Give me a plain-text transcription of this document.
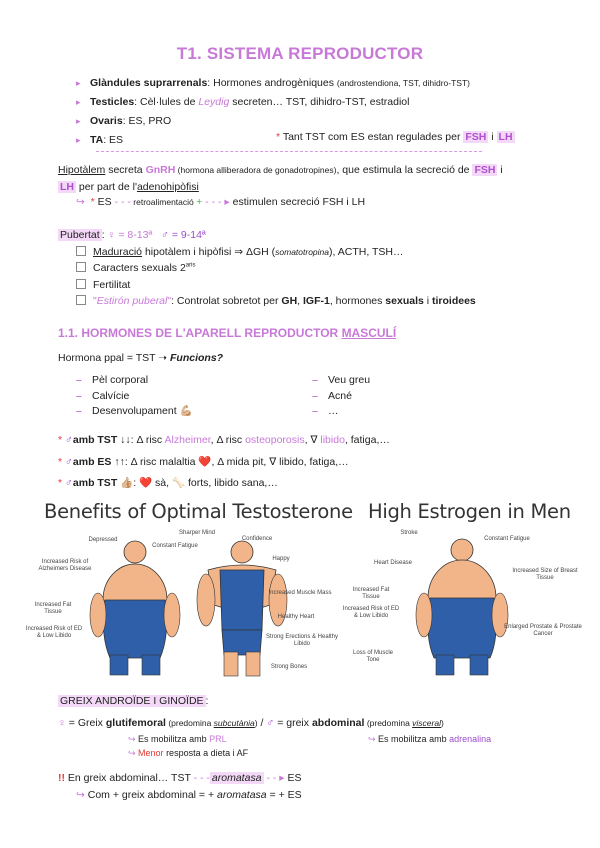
T1. SISTEMA REPRODUCTOR
▸ Glàndules suprarrenals: Hormones androgèniques (androstendiona, TST, dihidro-TST)
▸ Testicles: Cèl·lules de Leydig secreten… TST, dihidro-TST, estradiol
▸ Ovaris: ES, PRO
▸ TA: ES	* Tant TST com ES estan regulades per FSH i LH
Hipotàlem secreta GnRH (hormona alliberadora de gonadotropines), que estimula la secreció de FSH i
LH per part de l'adenohipòfisi
↪ * ES - - - retroalimentació + - - - ▸ estimulen secreció FSH i LH
Pubertat : ♀ = 8-13ª ♂ = 9-14ª
Maduració hipotàlem i hipòfisi ⇒ ΔGH (somatotropina), ACTH, TSH…
Caracters sexuals $2^{aris}$
Fertilitat
"Estirón puberal": Controlat sobretot per GH, IGF-1, hormones sexuals i tiroidees
1.1. HORMONES DE L'APARELL REPRODUCTOR MASCULÍ
Hormona ppal = TST ➝ Funcions?
– Pèl corporal
– Calvície
– Desenvolupament 💪🏼
– Veu greu
– Acné
– …
* ♂amb TST ↓↓: Δ risc Alzheimer, Δ risc osteoporosis, ∇ libido, fatiga,…
* ♂amb ES ↑↑: Δ risc malaltia ❤️, Δ mida pit, ∇ libido, fatiga,…
* ♂amb TST 👍🏼: ❤️ sà, 🦴 forts, libido sana,…
Benefits of Optimal Testosterone High Estrogen in Men
Depressed
Constant Fatigue
Increased Risk of Alzheimers Disease
Increased Fat Tissue
Increased Risk of ED & Low Libido
Sharper Mind
Confidence
Happy
Increased Muscle Mass
Healthy Heart
Strong Erections & Healthy Libido
Strong Bones
Stroke
Constant Fatigue
Heart Disease
Increased Size of Breast Tissue
Increased Fat Tissue
Increased Risk of ED & Low Libido
Enlarged Prostate & Prostate Cancer
Loss of Muscle Tone
GREIX ANDROÏDE I GINOÏDE :
♀ = Greix glutifemoral (predomina subcutània) / ♂ = greix abdominal (predomina visceral)
↪ Es mobilitza amb PRL
↪ Menor resposta a dieta i AF
↪ Es mobilitza amb adrenalina
!! En greix abdominal… TST - - - aromatasa - - ▸ ES
↪ Com + greix abdominal = + aromatasa = + ES
